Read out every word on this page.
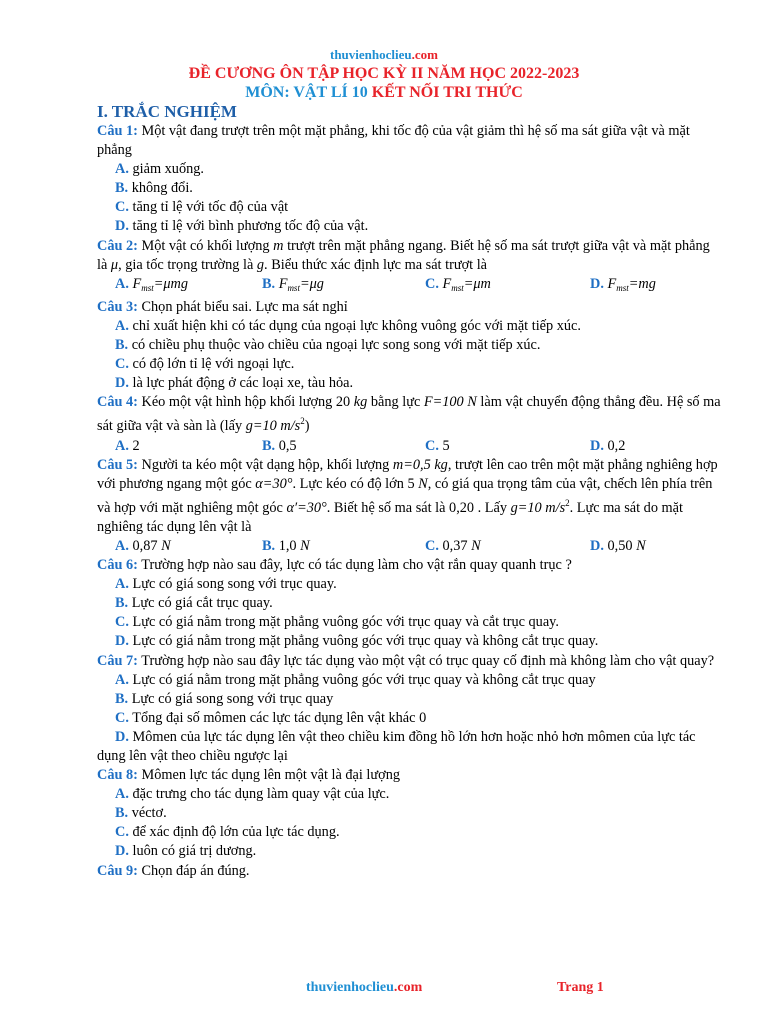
thuvienhoclieu.com
ĐỀ CƯƠNG ÔN TẬP HỌC KỲ II NĂM HỌC 2022-2023
MÔN: VẬT LÍ 10 KẾT NỐI TRI THỨC
I. TRẮC NGHIỆM
Câu 1: Một vật đang trượt trên một mặt phẳng, khi tốc độ của vật giảm thì hệ số ma sát giữa vật và mặt phẳng
A. giảm xuống.
B. không đổi.
C. tăng tỉ lệ với tốc độ của vật
D. tăng tỉ lệ với bình phương tốc độ của vật.
Câu 2: Một vật có khối lượng m trượt trên mặt phẳng ngang. Biết hệ số ma sát trượt giữa vật và mặt phẳng là μ, gia tốc trọng trường là g. Biểu thức xác định lực ma sát trượt là
A. $F_{mst}=\mu mg$	B. $F_{mst}=\mu g$	C. $F_{mst}=\mu m$	D. $F_{mst}=mg$
Câu 3: Chọn phát biểu sai. Lực ma sát nghỉ
A. chỉ xuất hiện khi có tác dụng của ngoại lực không vuông góc với mặt tiếp xúc.
B. có chiều phụ thuộc vào chiều của ngoại lực song song với mặt tiếp xúc.
C. có độ lớn tỉ lệ với ngoại lực.
D. là lực phát động ở các loại xe, tàu hỏa.
Câu 4: Kéo một vật hình hộp khối lượng 20 kg bằng lực F=100 N làm vật chuyển động thẳng đều. Hệ số ma sát giữa vật và sàn là (lấy g=10 $m/s^2$)
A. 2	B. 0,5	C. 5	D. 0,2
Câu 5: Người ta kéo một vật dạng hộp, khối lượng m=0,5 kg, trượt lên cao trên một mặt phẳng nghiêng hợp với phương ngang một góc α=30°. Lực kéo có độ lớn 5 N, có giá qua trọng tâm của vật, chếch lên phía trên và hợp với mặt nghiêng một góc α′=30°. Biết hệ số ma sát là 0,20 . Lấy g=10 $m/s^2$. Lực ma sát do mặt nghiêng tác dụng lên vật là
A. 0,87 N	B. 1,0 N	C. 0,37 N	D. 0,50 N
Câu 6: Trường hợp nào sau đây, lực có tác dụng làm cho vật rắn quay quanh trục ?
A. Lực có giá song song với trục quay.
B. Lực có giá cắt trục quay.
C. Lực có giá nằm trong mặt phẳng vuông góc với trục quay và cắt trục quay.
D. Lực có giá nằm trong mặt phẳng vuông góc với trục quay và không cắt trục quay.
Câu 7: Trường hợp nào sau đây lực tác dụng vào một vật có trục quay cố định mà không làm cho vật quay?
A. Lực có giá nằm trong mặt phẳng vuông góc với trục quay và không cắt trục quay
B. Lực có giá song song với trục quay
C. Tổng đại số mômen các lực tác dụng lên vật khác 0
D. Mômen của lực tác dụng lên vật theo chiều kim đồng hồ lớn hơn hoặc nhỏ hơn mômen của lực tác dụng lên vật theo chiều ngược lại
Câu 8: Mômen lực tác dụng lên một vật là đại lượng
A. đặc trưng cho tác dụng làm quay vật của lực.
B. véctơ.
C. để xác định độ lớn của lực tác dụng.
D. luôn có giá trị dương.
Câu 9: Chọn đáp án đúng.
thuvienhoclieu.com	Trang 1
